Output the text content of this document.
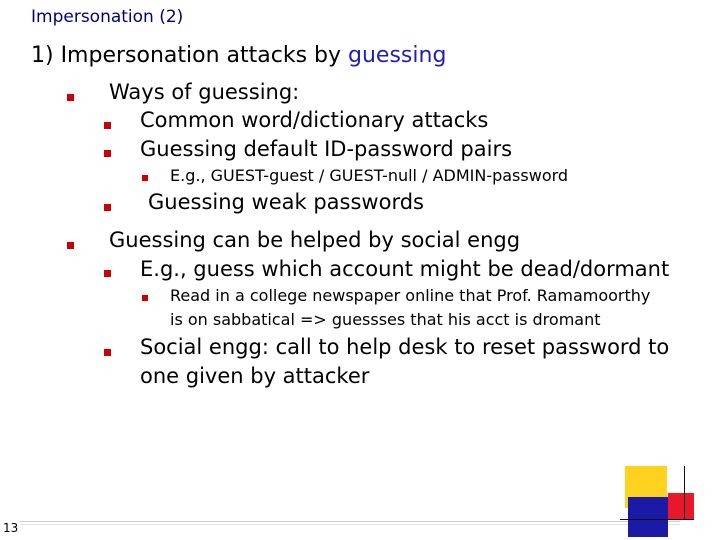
Impersonation (2)
1) Impersonation attacks by guessing
Ways of guessing:
Common word/dictionary attacks
Guessing default ID-password pairs
E.g., GUEST-guest / GUEST-null / ADMIN-password
Guessing weak passwords
Guessing can be helped by social engg
E.g., guess which account might be dead/dormant
Read in a college newspaper online that Prof. Ramamoorthy
is on sabbatical => guessses that his acct is dromant
Social engg: call to help desk to reset password to
one given by attacker
13
